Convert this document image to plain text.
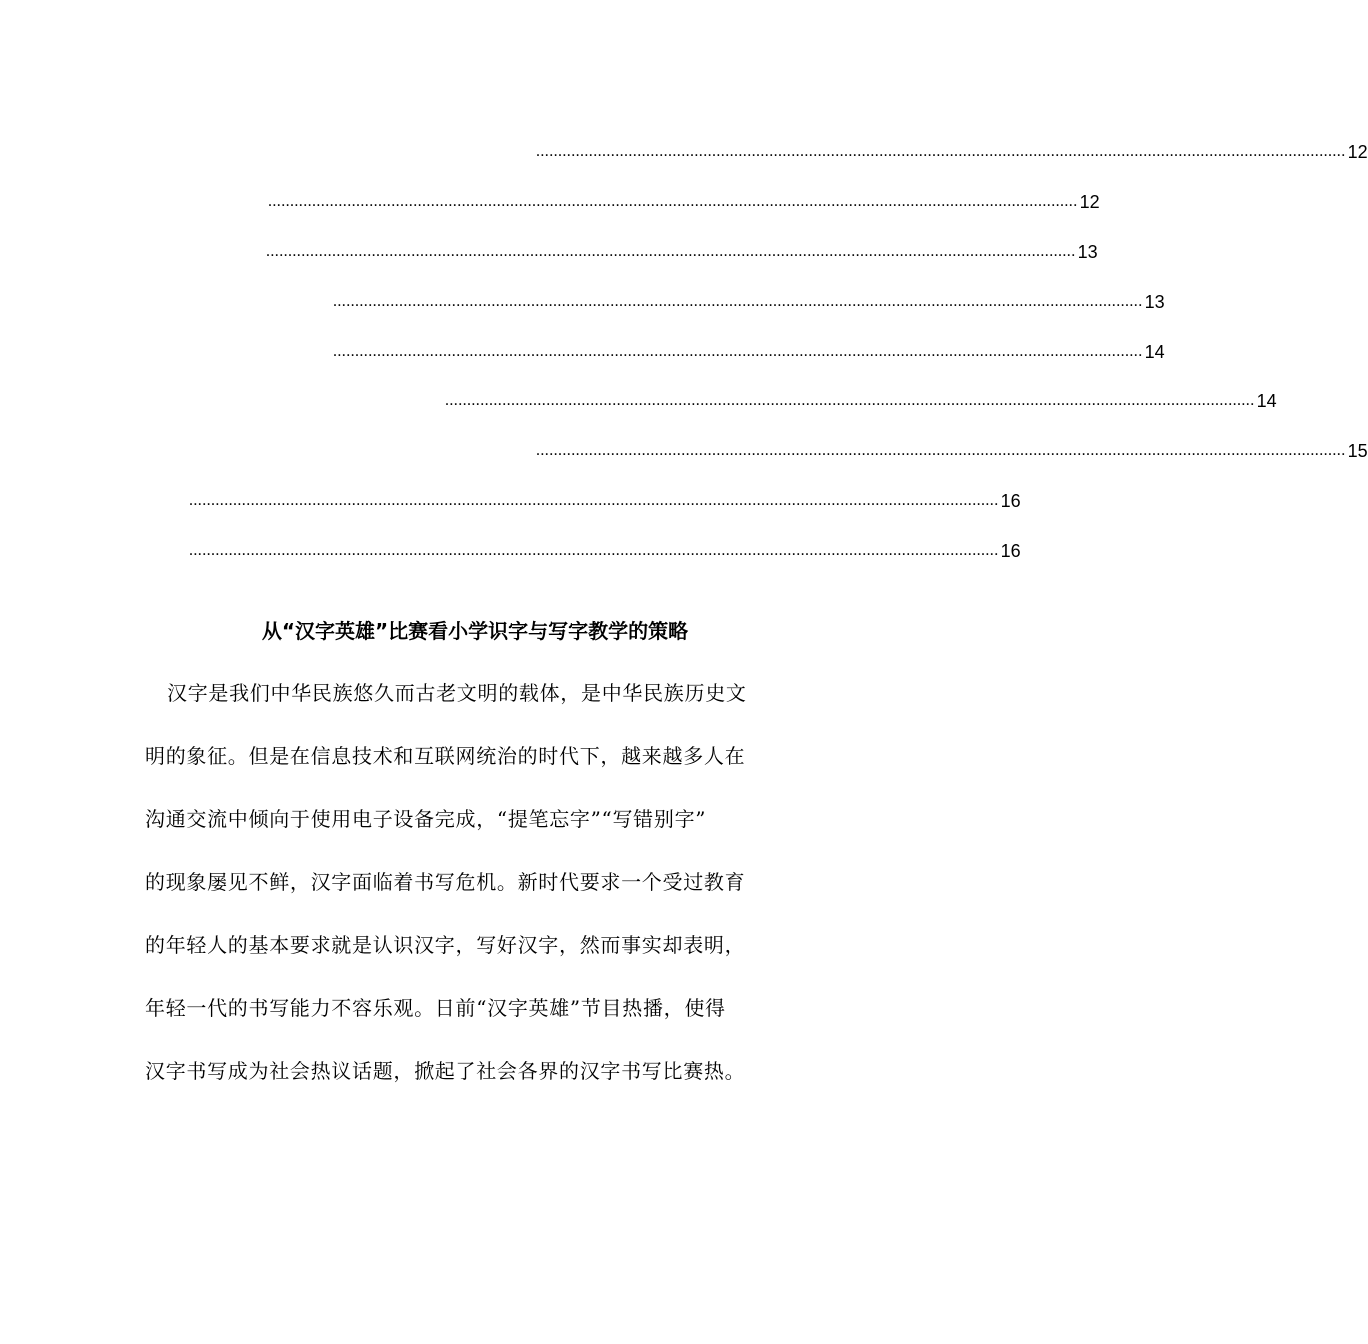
........................................................................................................................................................................................ 12
........................................................................................................................................................................................ 12
........................................................................................................................................................................................ 13
........................................................................................................................................................................................ 13
........................................................................................................................................................................................ 14
........................................................................................................................................................................................ 14
........................................................................................................................................................................................ 15
........................................................................................................................................................................................ 16
........................................................................................................................................................................................ 16
从“汉字英雄”比赛看小学识字与写字教学的策略
汉字是我们中华民族悠久而古老文明的载体，是中华民族历史文
明的象征。但是在信息技术和互联网统治的时代下，越来越多人在
沟通交流中倾向于使用电子设备完成，“提笔忘字”“写错别字”
的现象屡见不鲜，汉字面临着书写危机。新时代要求一个受过教育
的年轻人的基本要求就是认识汉字，写好汉字，然而事实却表明，
年轻一代的书写能力不容乐观。日前“汉字英雄”节目热播，使得
汉字书写成为社会热议话题，掀起了社会各界的汉字书写比赛热。
